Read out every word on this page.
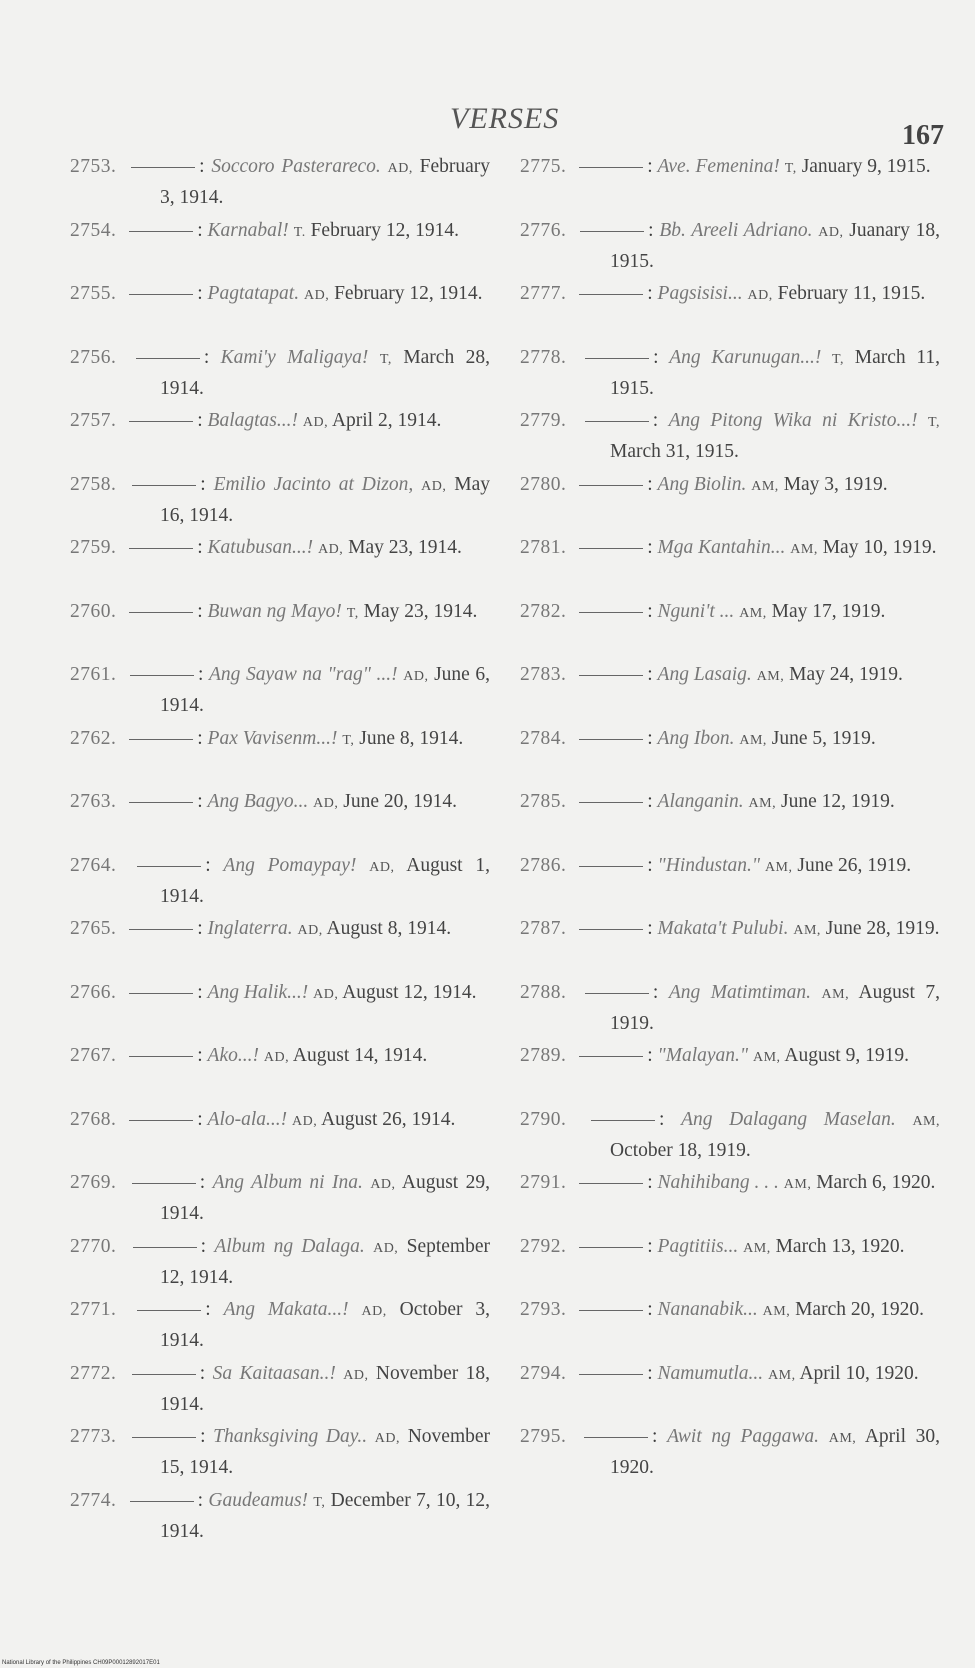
VERSES
167
2753.	: Soccoro Pasterareco. AD, February 3, 1914.
2754.	: Karnabal! T. February 12, 1914.
2755.	: Pagtatapat. AD, February 12, 1914.
2756.	: Kami'y Maligaya! T, March 28, 1914.
2757.	: Balagtas...! AD, April 2, 1914.
2758.	: Emilio Jacinto at Dizon, AD, May 16, 1914.
2759.	: Katubusan...! AD, May 23, 1914.
2760.	: Buwan ng Mayo! T, May 23, 1914.
2761.	: Ang Sayaw na "rag" ...! AD, June 6, 1914.
2762.	: Pax Vavisenm...! T, June 8, 1914.
2763.	: Ang Bagyo... AD, June 20, 1914.
2764.	: Ang Pomaypay! AD, August 1, 1914.
2765.	: Inglaterra. AD, August 8, 1914.
2766.	: Ang Halik...! AD, August 12, 1914.
2767.	: Ako...! AD, August 14, 1914.
2768.	: Alo-ala...! AD, August 26, 1914.
2769.	: Ang Album ni Ina. AD, August 29, 1914.
2770.	: Album ng Dalaga. AD, September 12, 1914.
2771.	: Ang Makata...! AD, October 3, 1914.
2772.	: Sa Kaitaasan..! AD, November 18, 1914.
2773.	: Thanksgiving Day.. AD, November 15, 1914.
2774.	: Gaudeamus! T, December 7, 10, 12, 1914.
2775.	: Ave. Femenina! T, January 9, 1915.
2776.	: Bb. Areeli Adriano. AD, Juanary 18, 1915.
2777.	: Pagsisisi... AD, February 11, 1915.
2778.	: Ang Karunugan...! T, March 11, 1915.
2779.	: Ang Pitong Wika ni Kristo...! T, March 31, 1915.
2780.	: Ang Biolin. AM, May 3, 1919.
2781.	: Mga Kantahin... AM, May 10, 1919.
2782.	: Nguni't ... AM, May 17, 1919.
2783.	: Ang Lasaig. AM, May 24, 1919.
2784.	: Ang Ibon. AM, June 5, 1919.
2785.	: Alanganin. AM, June 12, 1919.
2786.	: "Hindustan." AM, June 26, 1919.
2787.	: Makata't Pulubi. AM, June 28, 1919.
2788.	: Ang Matimtiman. AM, August 7, 1919.
2789.	: "Malayan." AM, August 9, 1919.
2790.	: Ang Dalagang Maselan. AM, October 18, 1919.
2791.	: Nahihibang . . . AM, March 6, 1920.
2792.	: Pagtitiis... AM, March 13, 1920.
2793.	: Nananabik... AM, March 20, 1920.
2794.	: Namumutla... AM, April 10, 1920.
2795.	: Awit ng Paggawa. AM, April 30, 1920.
National Library of the Philippines CH09P00012892017E01
